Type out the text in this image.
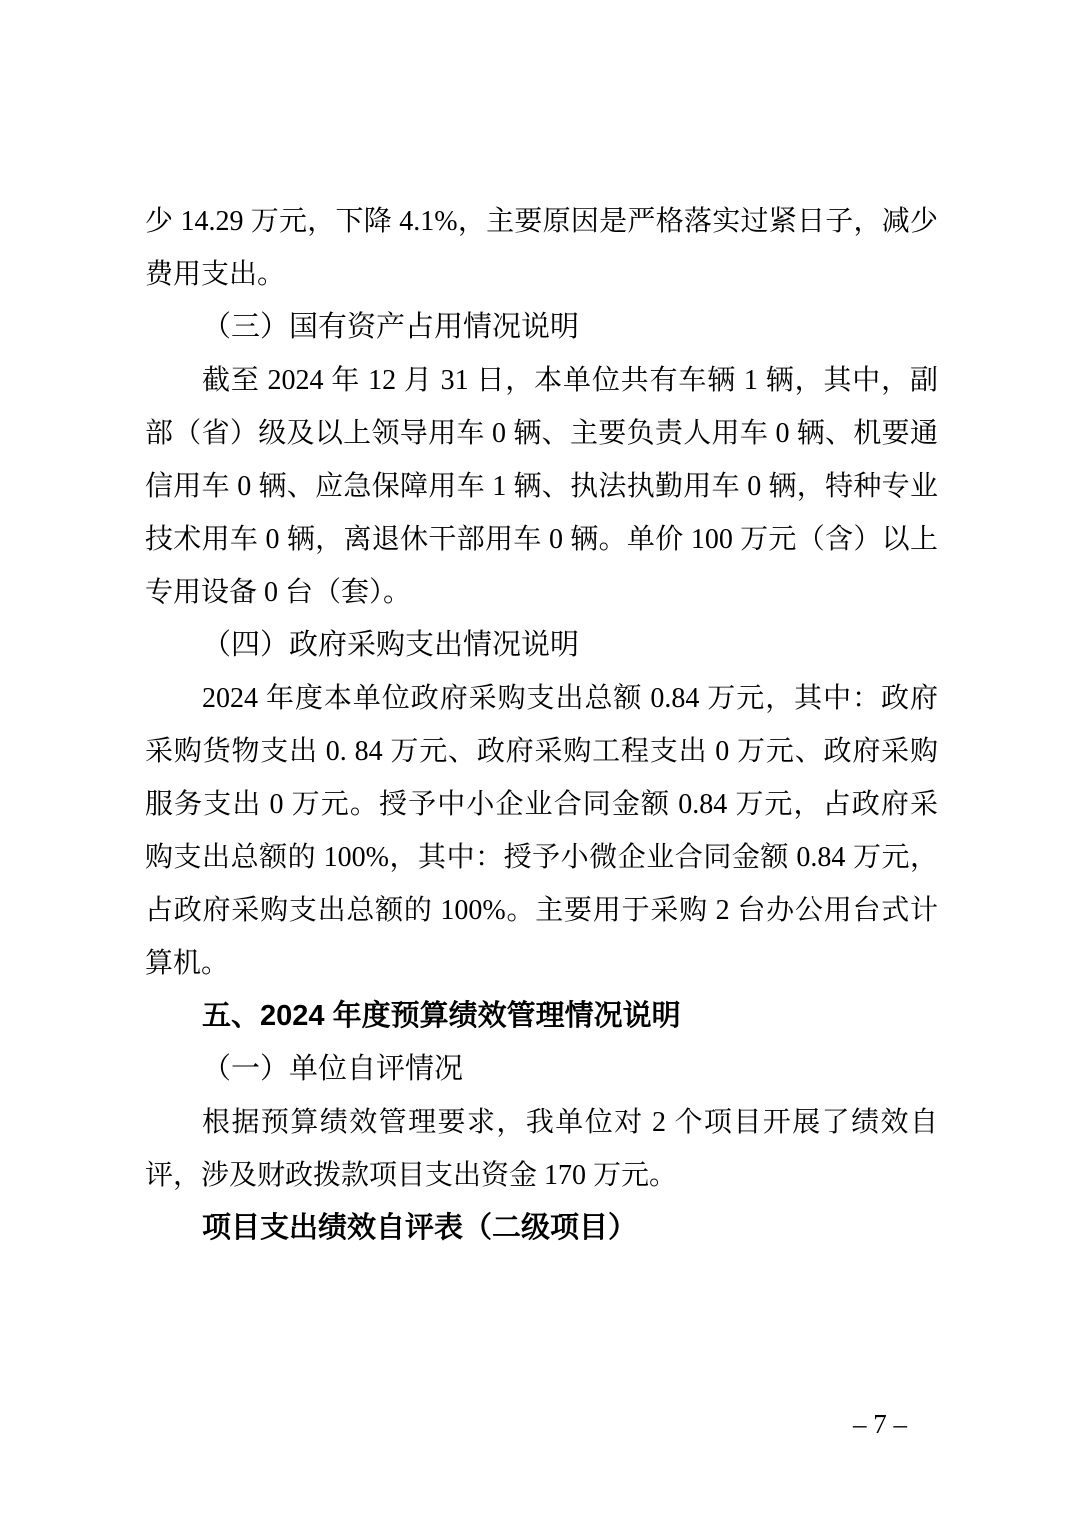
少 14.29 万元，下降 4.1%，主要原因是严格落实过紧日子，减少
费用支出。
（三）国有资产占用情况说明
截至 2024 年 12 月 31 日，本单位共有车辆 1 辆，其中，副
部（省）级及以上领导用车 0 辆、主要负责人用车 0 辆、机要通
信用车 0 辆、应急保障用车 1 辆、执法执勤用车 0 辆，特种专业
技术用车 0 辆，离退休干部用车 0 辆。单价 100 万元（含）以上
专用设备 0 台（套）。
（四）政府采购支出情况说明
2024 年度本单位政府采购支出总额 0.84 万元，其中：政府
采购货物支出 0. 84 万元、政府采购工程支出 0 万元、政府采购
服务支出 0 万元。授予中小企业合同金额 0.84 万元，占政府采
购支出总额的 100%，其中：授予小微企业合同金额 0.84 万元，
占政府采购支出总额的 100%。主要用于采购 2 台办公用台式计
算机。
五、2024 年度预算绩效管理情况说明
（一）单位自评情况
根据预算绩效管理要求，我单位对 2 个项目开展了绩效自
评，涉及财政拨款项目支出资金 170 万元。
项目支出绩效自评表（二级项目）
– 7 –
